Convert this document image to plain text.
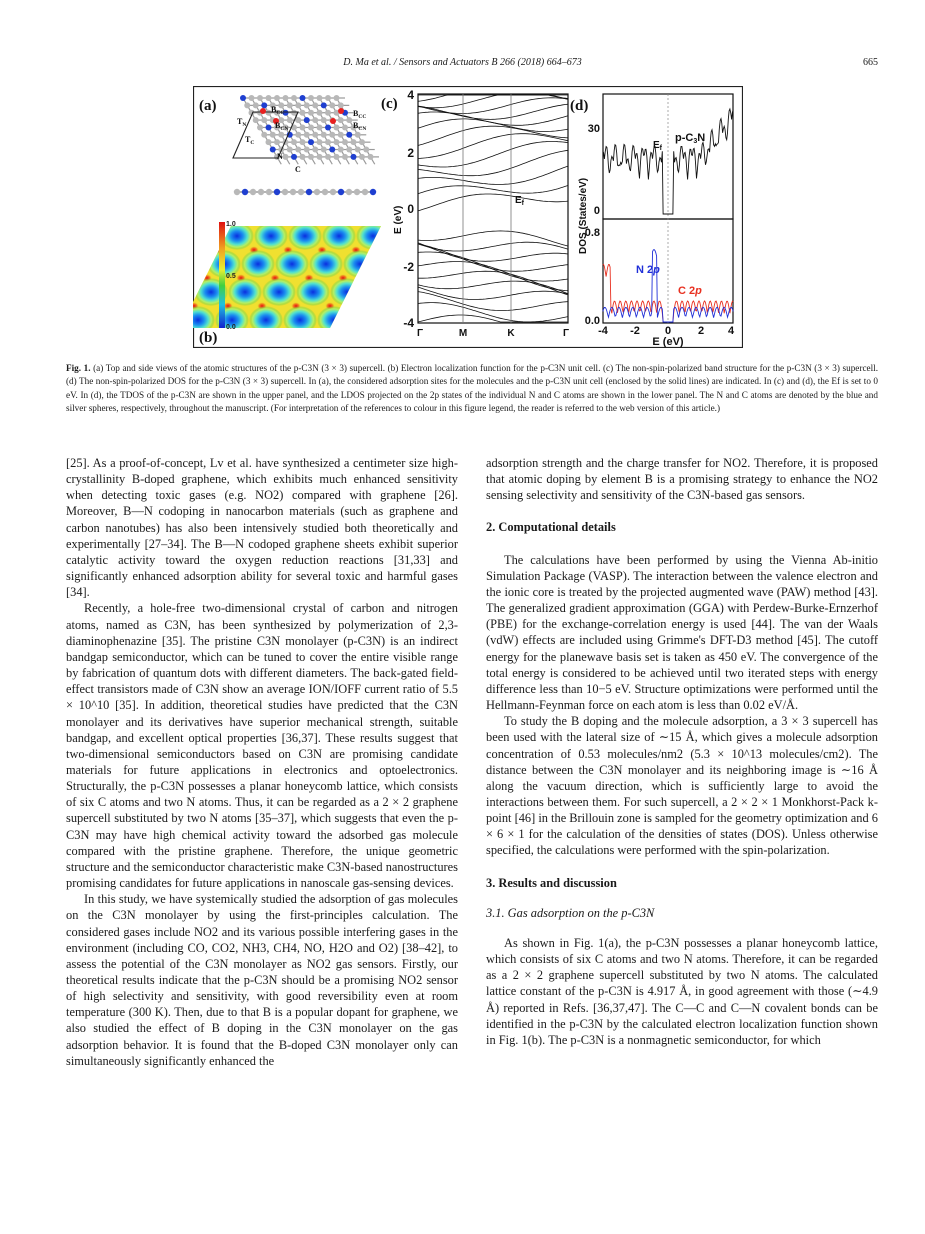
D. Ma et al. / Sensors and Actuators B 266 (2018) 664–673	665
$B_{CC}$
$B_{CN}$
$B_{CC}$
$B_{CN}$
$T_N$
$T_C$
N
C
1.0
0.5
0.0
(a)
(b)
(c)	(d)
4
2
0
-2
-4
E (eV)
Γ	M	K	Γ
$E_f$
30
0
0.8
0.0
DOS (States/eV)
$E_f$
p-C3N
N 2p
C 2p
-4 -2 0 2 4
E (eV)
Fig. 1. (a) Top and side views of the atomic structures of the p-C3N (3 × 3) supercell. (b) Electron localization function for the p-C3N unit cell. (c) The non-spin-polarized band structure for the p-C3N (3 × 3) supercell. (d) The non-spin-polarized DOS for the p-C3N (3 × 3) supercell. In (a), the considered adsorption sites for the molecules and the p-C3N unit cell (enclosed by the solid lines) are indicated. In (c) and (d), the Ef is set to 0 eV. In (d), the TDOS of the p-C3N are shown in the upper panel, and the LDOS projected on the 2p states of the individual N and C atoms are shown in the lower panel. The N and C atoms are denoted by the blue and silver spheres, respectively, throughout the manuscript. (For interpretation of the references to colour in this figure legend, the reader is referred to the web version of this article.)

[25]. As a proof-of-concept, Lv et al. have synthesized a centimeter size high-crystallinity B-doped graphene, which exhibits much enhanced sensitivity when detecting toxic gases (e.g. NO2) compared with graphene [26]. Moreover, B—N codoping in nanocarbon materials (such as graphene and carbon nanotubes) has also been intensively studied both theoretically and experimentally [27–34]. The B—N codoped graphene sheets exhibit superior catalytic activity toward the oxygen reduction reactions [31,33] and significantly enhanced adsorption ability for several toxic and harmful gases [34].

Recently, a hole-free two-dimensional crystal of carbon and nitrogen atoms, named as C3N, has been synthesized by polymerization of 2,3-diaminophenazine [35]. The pristine C3N monolayer (p-C3N) is an indirect bandgap semiconductor, which can be tuned to cover the entire visible range by fabrication of quantum dots with different diameters. The back-gated field-effect transistors made of C3N show an average ION/IOFF current ratio of 5.5 × 10^10 [35]. In addition, theoretical studies have predicted that the C3N monolayer and its derivatives have superior mechanical strength, suitable bandgap, and excellent optical properties [36,37]. These results suggest that two-dimensional semiconductors based on C3N are promising candidate materials for future applications in electronics and optoelectronics. Structurally, the p-C3N possesses a planar honeycomb lattice, which consists of six C atoms and two N atoms. Thus, it can be regarded as a 2 × 2 graphene supercell substituted by two N atoms [35–37], which suggests that even the p-C3N may have high chemical activity toward the adsorbed gas molecule compared with the pristine graphene. Therefore, the unique geometric structure and the semiconductor characteristic make C3N-based nanostructures promising candidates for future applications in nanoscale gas-sensing devices.

In this study, we have systemically studied the adsorption of gas molecules on the C3N monolayer by using the first-principles calculation. The considered gases include NO2 and its various possible interfering gases in the environment (including CO, CO2, NH3, CH4, NO, H2O and O2) [38–42], to assess the potential of the C3N monolayer as NO2 gas sensors. Firstly, our theoretical results indicate that the p-C3N should be a promising NO2 sensor of high selectivity and sensitivity, with good reversibility even at room temperature (300 K). Then, due to that B is a popular dopant for graphene, we also studied the effect of B doping in the C3N monolayer on the gas adsorption behavior. It is found that the B-doped C3N monolayer only can simultaneously significantly enhanced the

adsorption strength and the charge transfer for NO2. Therefore, it is proposed that atomic doping by element B is a promising strategy to enhance the NO2 sensing selectivity and sensitivity of the C3N-based gas sensors.

2. Computational details

The calculations have been performed by using the Vienna Ab-initio Simulation Package (VASP). The interaction between the valence electron and the ionic core is treated by the projected augmented wave (PAW) method [43]. The generalized gradient approximation (GGA) with Perdew-Burke-Ernzerhof (PBE) for the exchange-correlation energy is used [44]. The van der Waals (vdW) effects are included using Grimme's DFT-D3 method [45]. The cutoff energy for the planewave basis set is taken as 450 eV. The convergence of the total energy is considered to be achieved until two iterated steps with energy difference less than 10−5 eV. Structure optimizations were performed until the Hellmann-Feynman force on each atom is less than 0.02 eV/Å.

To study the B doping and the molecule adsorption, a 3 × 3 supercell has been used with the lateral size of ∼15 Å, which gives a molecule adsorption concentration of 0.53 molecules/nm2 (5.3 × 10^13 molecules/cm2). The distance between the C3N monolayer and its neighboring image is ∼16 Å along the vacuum direction, which is sufficiently large to avoid the interactions between them. For such supercell, a 2 × 2 × 1 Monkhorst-Pack k-point [46] in the Brillouin zone is sampled for the geometry optimization and 6 × 6 × 1 for the calculation of the densities of states (DOS). Unless otherwise specified, the calculations were performed with the spin-polarization.

3. Results and discussion

3.1. Gas adsorption on the p-C3N

As shown in Fig. 1(a), the p-C3N possesses a planar honeycomb lattice, which consists of six C atoms and two N atoms. Therefore, it can be regarded as a 2 × 2 graphene supercell substituted by two N atoms. The calculated lattice constant of the p-C3N is 4.917 Å, in good agreement with those (∼4.9 Å) reported in Refs. [36,37,47]. The C—C and C—N covalent bonds can be identified in the p-C3N by the calculated electron localization function shown in Fig. 1(b). The p-C3N is a nonmagnetic semiconductor, for which
